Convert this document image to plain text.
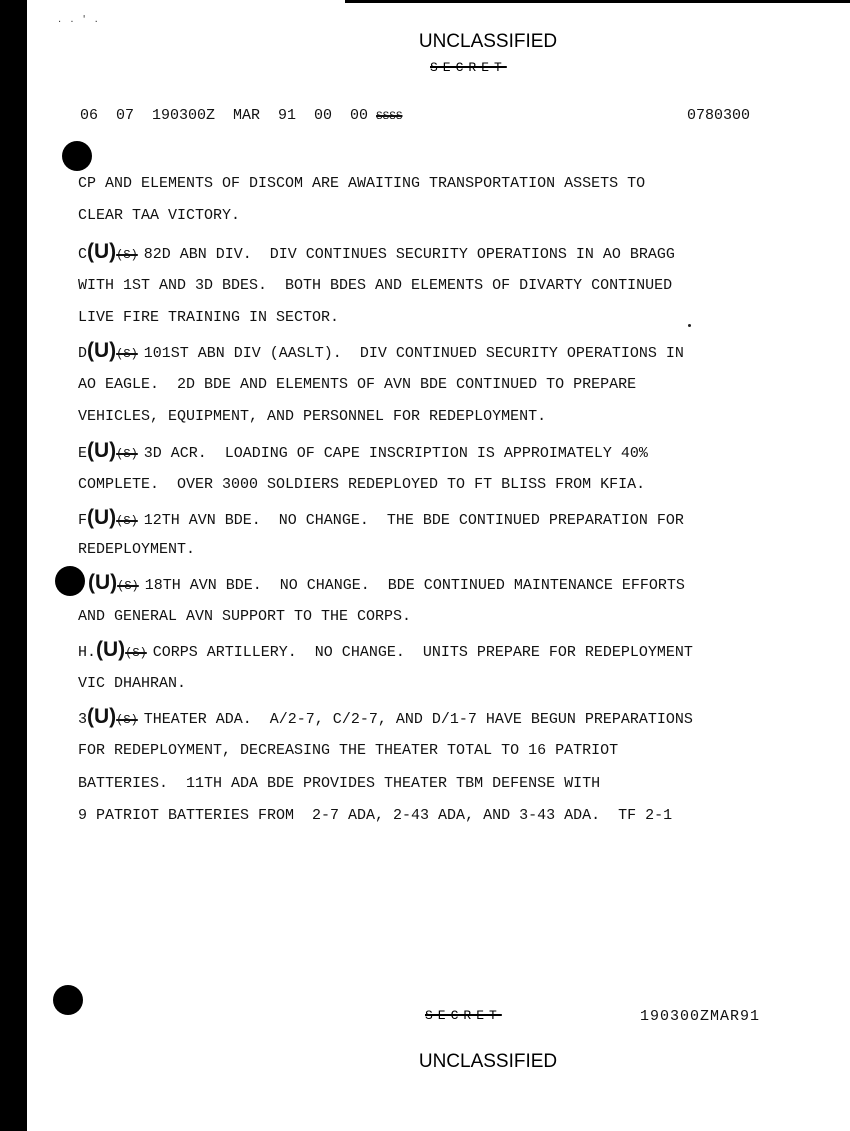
. . ' .
UNCLASSIFIED
SECRET
06  07  190300Z  MAR  91  00  00 SSSS	0780300
CP AND ELEMENTS OF DISCOM ARE AWAITING TRANSPORTATION ASSETS TO
CLEAR TAA VICTORY.
C (U) (S) 82D ABN DIV.  DIV CONTINUES SECURITY OPERATIONS IN AO BRAGG
WITH 1ST AND 3D BDES.  BOTH BDES AND ELEMENTS OF DIVARTY CONTINUED
LIVE FIRE TRAINING IN SECTOR.
D (U) (S) 101ST ABN DIV (AASLT).  DIV CONTINUED SECURITY OPERATIONS IN
AO EAGLE.  2D BDE AND ELEMENTS OF AVN BDE CONTINUED TO PREPARE
VEHICLES, EQUIPMENT, AND PERSONNEL FOR REDEPLOYMENT.
E (U) (S) 3D ACR.  LOADING OF CAPE INSCRIPTION IS APPROIMATELY 40%
COMPLETE.  OVER 3000 SOLDIERS REDEPLOYED TO FT BLISS FROM KFIA.
F (U) (S) 12TH AVN BDE.  NO CHANGE.  THE BDE CONTINUED PREPARATION FOR
REDEPLOYMENT.
(U) (S) 18TH AVN BDE.  NO CHANGE.  BDE CONTINUED MAINTENANCE EFFORTS
AND GENERAL AVN SUPPORT TO THE CORPS.
H. (U) (S) CORPS ARTILLERY.  NO CHANGE.  UNITS PREPARE FOR REDEPLOYMENT
VIC DHAHRAN.
3 (U) (S) THEATER ADA.  A/2-7, C/2-7, AND D/1-7 HAVE BEGUN PREPARATIONS
FOR REDEPLOYMENT, DECREASING THE THEATER TOTAL TO 16 PATRIOT
BATTERIES.  11TH ADA BDE PROVIDES THEATER TBM DEFENSE WITH
9 PATRIOT BATTERIES FROM  2-7 ADA, 2-43 ADA, AND 3-43 ADA.  TF 2-1
SECRET	190300ZMAR91
UNCLASSIFIED
